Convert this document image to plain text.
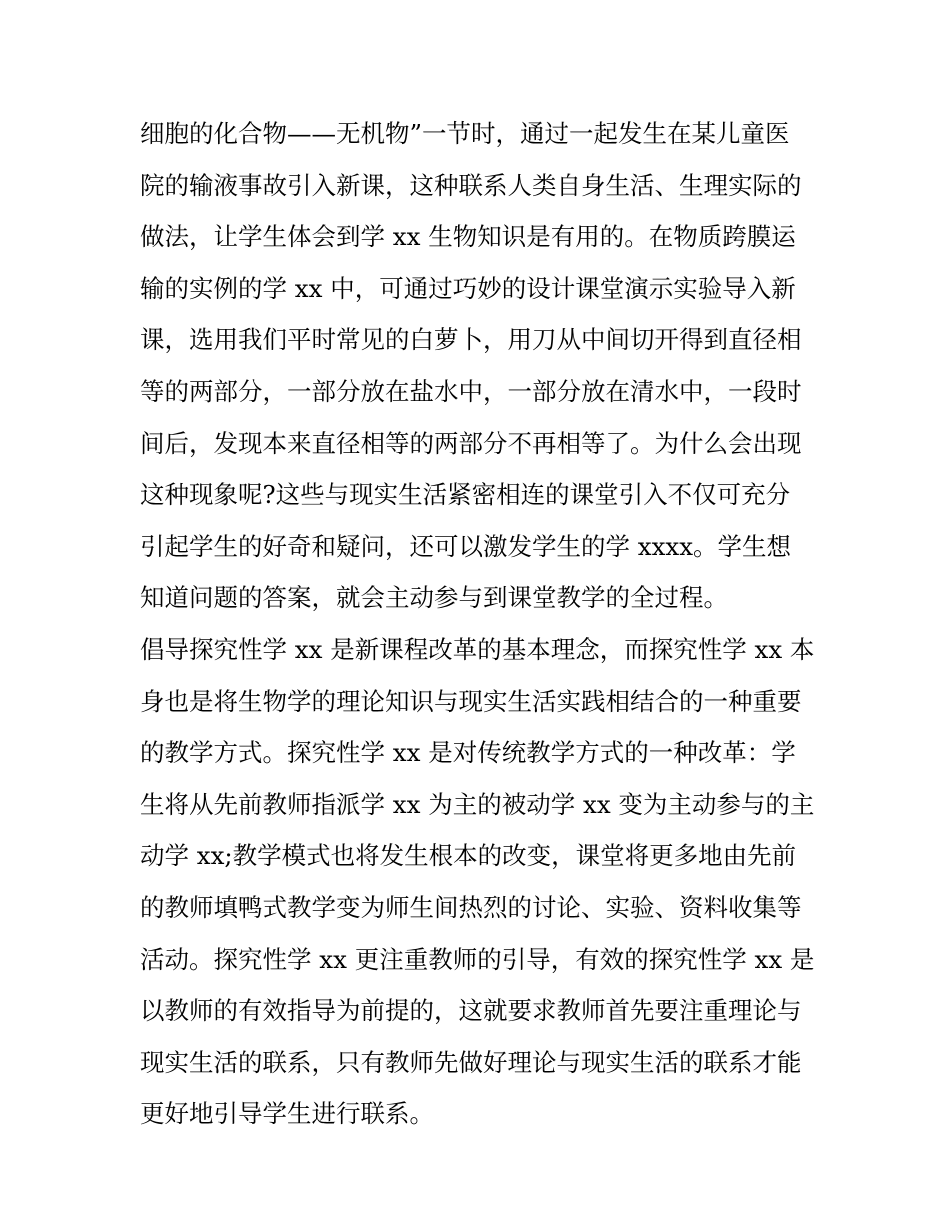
细胞的化合物——无机物”一节时，通过一起发生在某儿童医
院的输液事故引入新课，这种联系人类自身生活、生理实际的
做法，让学生体会到学 xx 生物知识是有用的。在物质跨膜运
输的实例的学 xx 中，可通过巧妙的设计课堂演示实验导入新
课，选用我们平时常见的白萝卜，用刀从中间切开得到直径相
等的两部分，一部分放在盐水中，一部分放在清水中，一段时
间后，发现本来直径相等的两部分不再相等了。为什么会出现
这种现象呢?这些与现实生活紧密相连的课堂引入不仅可充分
引起学生的好奇和疑问，还可以激发学生的学 xxxx。学生想
知道问题的答案，就会主动参与到课堂教学的全过程。
倡导探究性学 xx 是新课程改革的基本理念，而探究性学 xx 本
身也是将生物学的理论知识与现实生活实践相结合的一种重要
的教学方式。探究性学 xx 是对传统教学方式的一种改革：学
生将从先前教师指派学 xx 为主的被动学 xx 变为主动参与的主
动学 xx;教学模式也将发生根本的改变，课堂将更多地由先前
的教师填鸭式教学变为师生间热烈的讨论、实验、资料收集等
活动。探究性学 xx 更注重教师的引导，有效的探究性学 xx 是
以教师的有效指导为前提的，这就要求教师首先要注重理论与
现实生活的联系，只有教师先做好理论与现实生活的联系才能
更好地引导学生进行联系。
